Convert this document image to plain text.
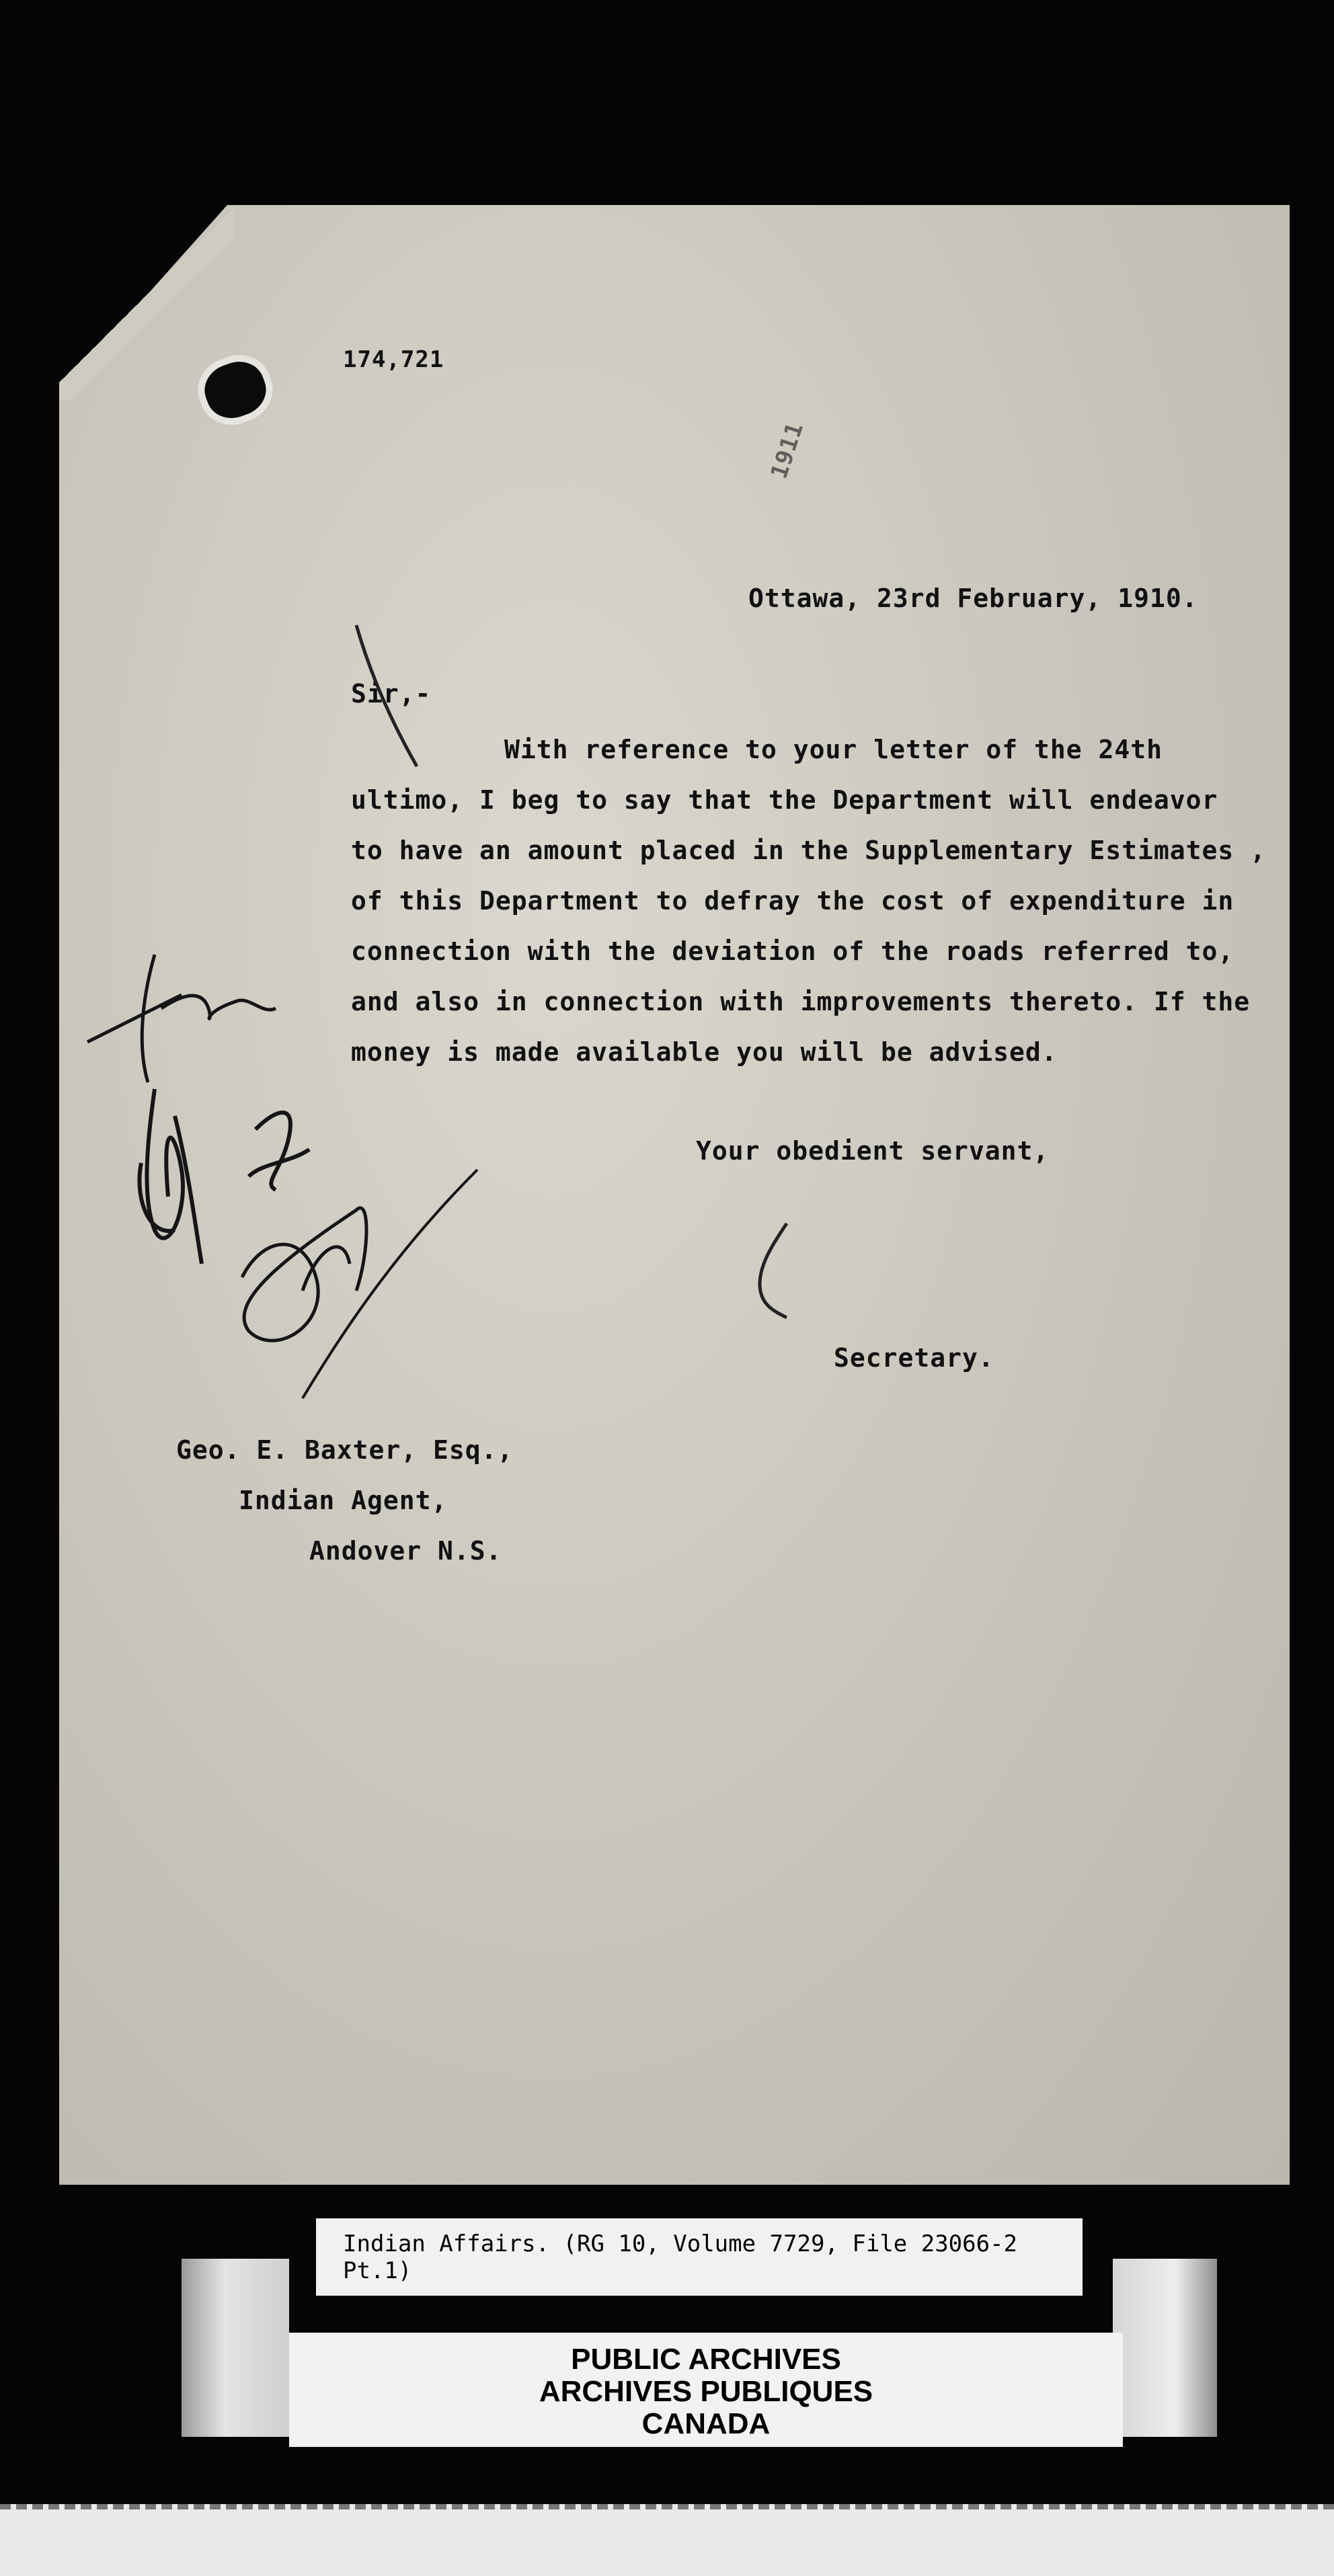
174,721
1911
Ottawa, 23rd February, 1910.
Sir,-
With reference to your letter of the 24th
ultimo, I beg to say that the Department will endeavor
to have an amount placed in the Supplementary Estimates ,
of this Department to defray the cost of expenditure in
connection with the deviation of the roads referred to,
and also in connection with improvements thereto. If the
money is made available you will be advised.
Your obedient servant,
Secretary.
Geo. E. Baxter, Esq.,
Indian Agent,
Andover N.S.
Indian Affairs. (RG 10, Volume 7729, File 23066-2 Pt.1)
PUBLIC ARCHIVES
ARCHIVES PUBLIQUES
CANADA
